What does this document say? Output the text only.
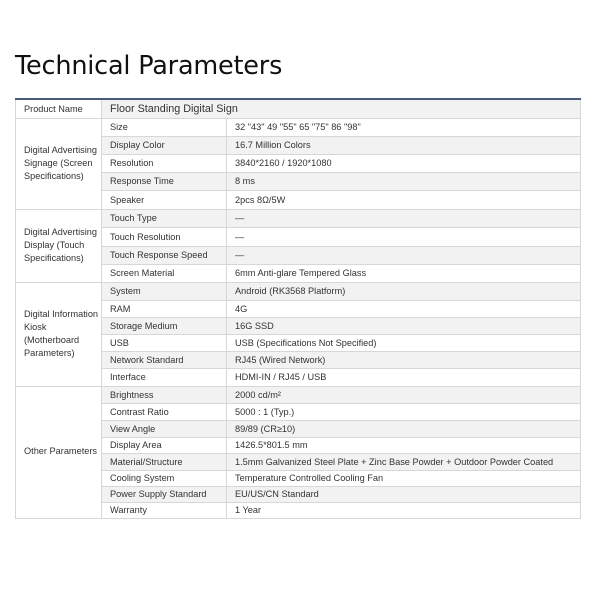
Technical Parameters
Product Name	Floor Standing Digital Sign	
Digital Advertising Signage (Screen Specifications)	Size	32 "43" 49 "55" 65 "75" 86 "98"
	Display Color	16.7 Million Colors
	Resolution	3840*2160 / 1920*1080
	Response Time	8 ms
	Speaker	2pcs 8Ω/5W
Digital Advertising Display (Touch Specifications)	Touch Type	—
	Touch Resolution	—
	Touch Response Speed	—
	Screen Material	6mm Anti-glare Tempered Glass
Digital Information Kiosk (Motherboard Parameters)	System	Android (RK3568 Platform)
	RAM	4G
	Storage Medium	16G SSD
	USB	USB (Specifications Not Specified)
	Network Standard	RJ45 (Wired Network)
	Interface	HDMI-IN / RJ45 / USB
Other Parameters	Brightness	2000 cd/m²
	Contrast Ratio	5000 : 1 (Typ.)
	View Angle	89/89 (CR≥10)
	Display Area	1426.5*801.5 mm
	Material/Structure	1.5mm Galvanized Steel Plate + Zinc Base Powder + Outdoor Powder Coated
	Cooling System	Temperature Controlled Cooling Fan
	Power Supply Standard	EU/US/CN Standard
	Warranty	1 Year
